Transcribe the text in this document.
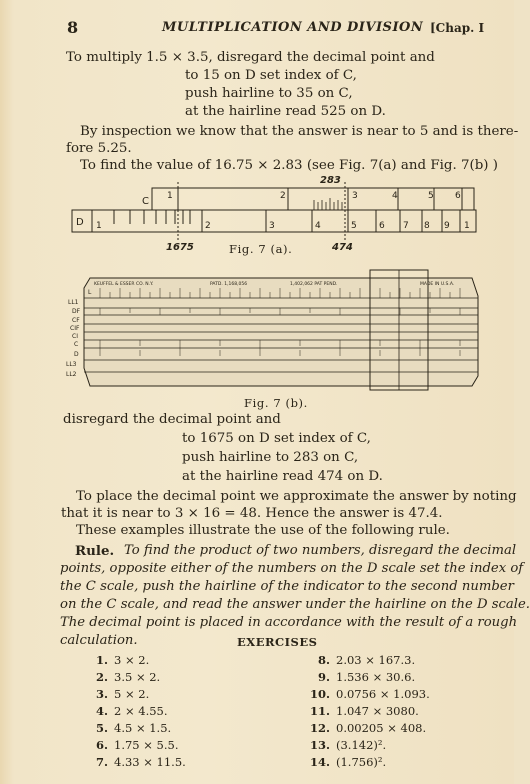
8	MULTIPLICATION AND DIVISION [Chap. I
To multiply 1.5 × 3.5, disregard the decimal point and
to 15 on D set index of C,
push hairline to 35 on C,
at the hairline read 525 on D.
By inspection we know that the answer is near to 5 and is there-
fore 5.25.
To find the value of 16.75 × 2.83 (see Fig. 7(a) and Fig. 7(b) )
283
C 1	2	3	4	5 6
D 1	2	3	4	5 6 7 8 9 1
1675	474
Fig. 7 (a).
KEUFFEL & ESSER CO. N.Y.	PATD. 1,168,056	1,402,062 PAT PEND.	MADE IN U.S.A.
L
LL1
DF
CF
CIF
CI
C
D
LL3
LL2
Fig. 7 (b).
disregard the decimal point and
to 1675 on D set index of C,
push hairline to 283 on C,
at the hairline read 474 on D.
To place the decimal point we approximate the answer by noting
that it is near to 3 × 16 = 48. Hence the answer is 47.4.
These examples illustrate the use of the following rule.
Rule. To find the product of two numbers, disregard the decimal
points, opposite either of the numbers on the D scale set the index of
the C scale, push the hairline of the indicator to the second number
on the C scale, and read the answer under the hairline on the D scale.
The decimal point is placed in accordance with the result of a rough
calculation.	EXERCISES
1. 3 × 2.
2. 3.5 × 2.
3. 5 × 2.
4. 2 × 4.55.
5. 4.5 × 1.5.
6. 1.75 × 5.5.
7. 4.33 × 11.5.
8. 2.03 × 167.3.
9. 1.536 × 30.6.
10. 0.0756 × 1.093.
11. 1.047 × 3080.
12. 0.00205 × 408.
13. (3.142)².
14. (1.756)².
